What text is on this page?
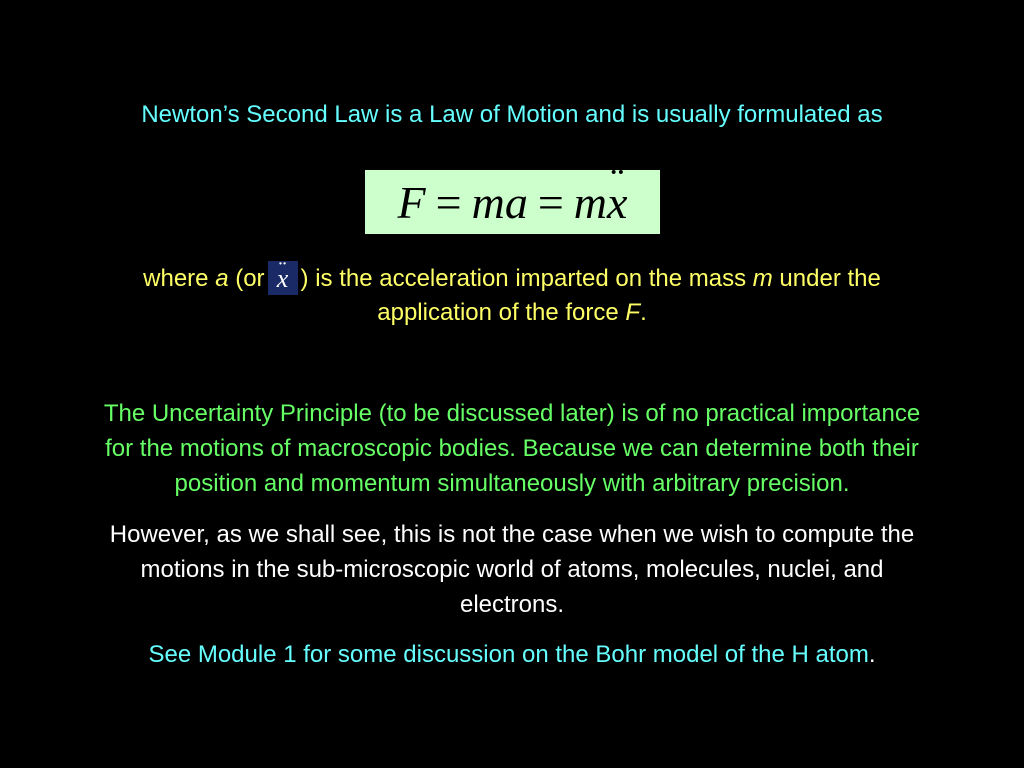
Newton’s Second Law is a Law of Motion and is usually formulated as
F = ma = m ¨ x
where a (or ¨ x ) is the acceleration imparted on the mass m under the
application of the force F.
The Uncertainty Principle (to be discussed later) is of no practical importance
for the motions of macroscopic bodies. Because we can determine both their
position and momentum simultaneously with arbitrary precision.
However, as we shall see, this is not the case when we wish to compute the
motions in the sub-microscopic world of atoms, molecules, nuclei, and
electrons.
See Module 1 for some discussion on the Bohr model of the H atom.
